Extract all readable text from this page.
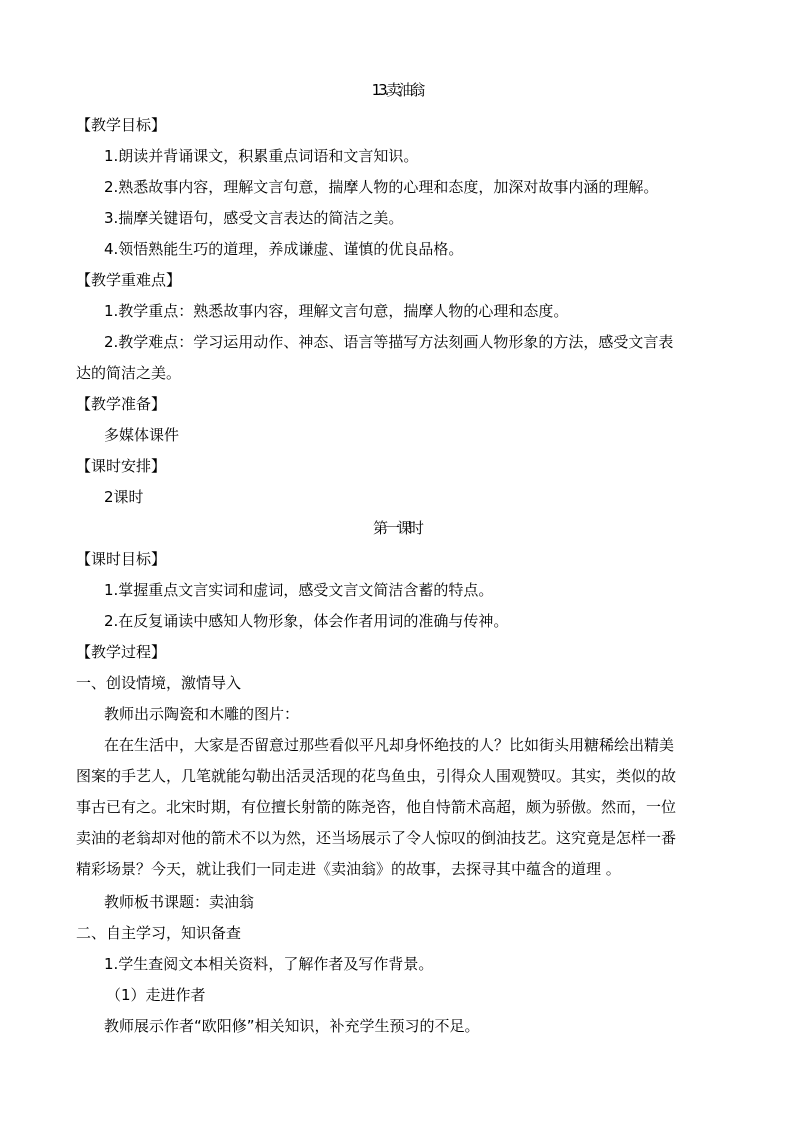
13.卖油翁
【教学目标】
1.朗读并背诵课文，积累重点词语和文言知识。
2.熟悉故事内容，理解文言句意，揣摩人物的心理和态度，加深对故事内涵的理解。
3.揣摩关键语句，感受文言表达的简洁之美。
4.领悟熟能生巧的道理，养成谦虚、谨慎的优良品格。
【教学重难点】
1.教学重点：熟悉故事内容，理解文言句意，揣摩人物的心理和态度。
2.教学难点：学习运用动作、神态、语言等描写方法刻画人物形象的方法，感受文言表
达的简洁之美。
【教学准备】
多媒体课件
【课时安排】
2课时
第一课时
【课时目标】
1.掌握重点文言实词和虚词，感受文言文简洁含蓄的特点。
2.在反复诵读中感知人物形象，体会作者用词的准确与传神。
【教学过程】
一、创设情境，激情导入
教师出示陶瓷和木雕的图片：
在在生活中，大家是否留意过那些看似平凡却身怀绝技的人？比如街头用糖稀绘出精美
图案的手艺人，几笔就能勾勒出活灵活现的花鸟鱼虫，引得众人围观赞叹。其实，类似的故
事古已有之。北宋时期，有位擅长射箭的陈尧咨，他自恃箭术高超，颇为骄傲。然而，一位
卖油的老翁却对他的箭术不以为然，还当场展示了令人惊叹的倒油技艺。这究竟是怎样一番
精彩场景？今天，就让我们一同走进《卖油翁》的故事，去探寻其中蕴含的道理 。
教师板书课题：卖油翁
二、自主学习，知识备查
1.学生查阅文本相关资料，了解作者及写作背景。
（1）走进作者
教师展示作者“欧阳修”相关知识，补充学生预习的不足。
